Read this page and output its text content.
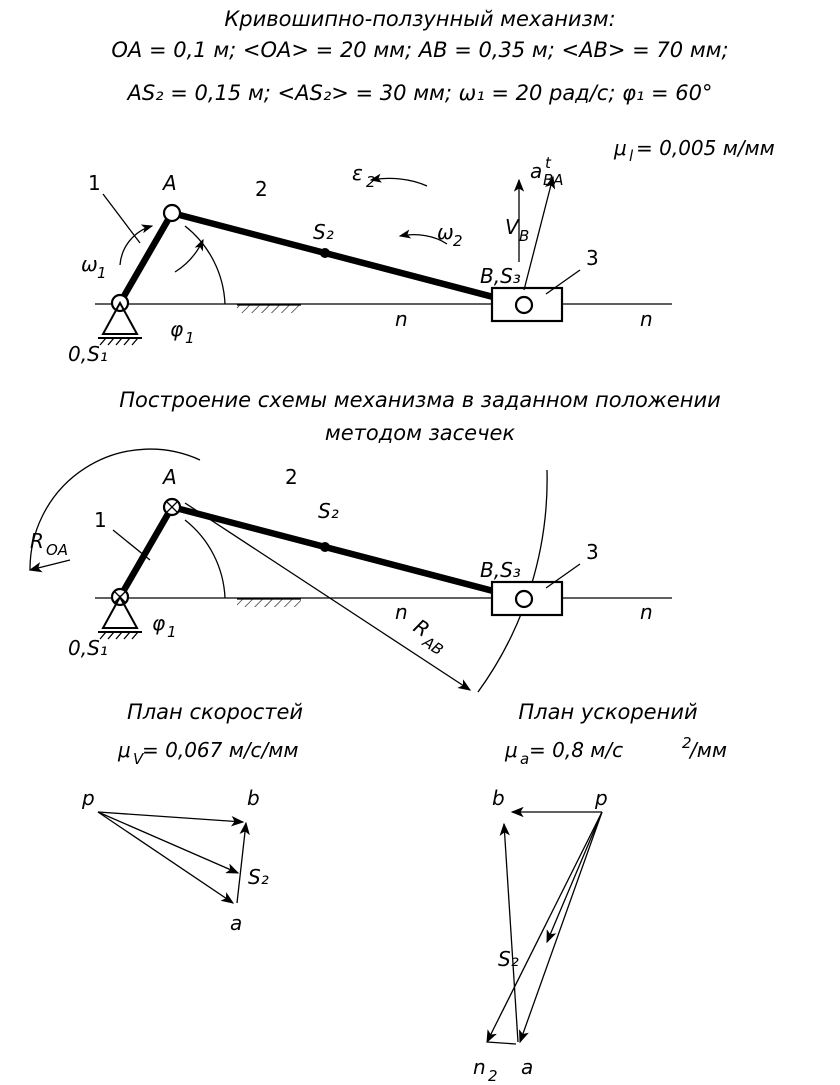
Кривошипно-ползунный механизм:
ОА = 0,1 м; <ОА> = 20 мм; АВ = 0,35 м; <АВ> = 70 мм;
AS₂ = 0,15 м; <AS₂> = 30 мм; ω₁ = 20 рад/с; φ₁ = 60°
μ l = 0,005 м/мм
1	A	2
S₂
B,S₃
3
0,S₁
ω 1
ω 2
ε 2
φ 1
V B
a BA
t
n	n
Построение схемы механизма в заданном положении
методом засечек
1
A	2
S₂
B,S₃
3
0,S₁
φ 1
R OA
R
AB
n	n
План скоростей
μ V
= 0,067 м/с/мм
p	b
a
S₂
План ускорений
μ a = 0,8 м/с	2
/мм
p
b
a
S₂
n 2
